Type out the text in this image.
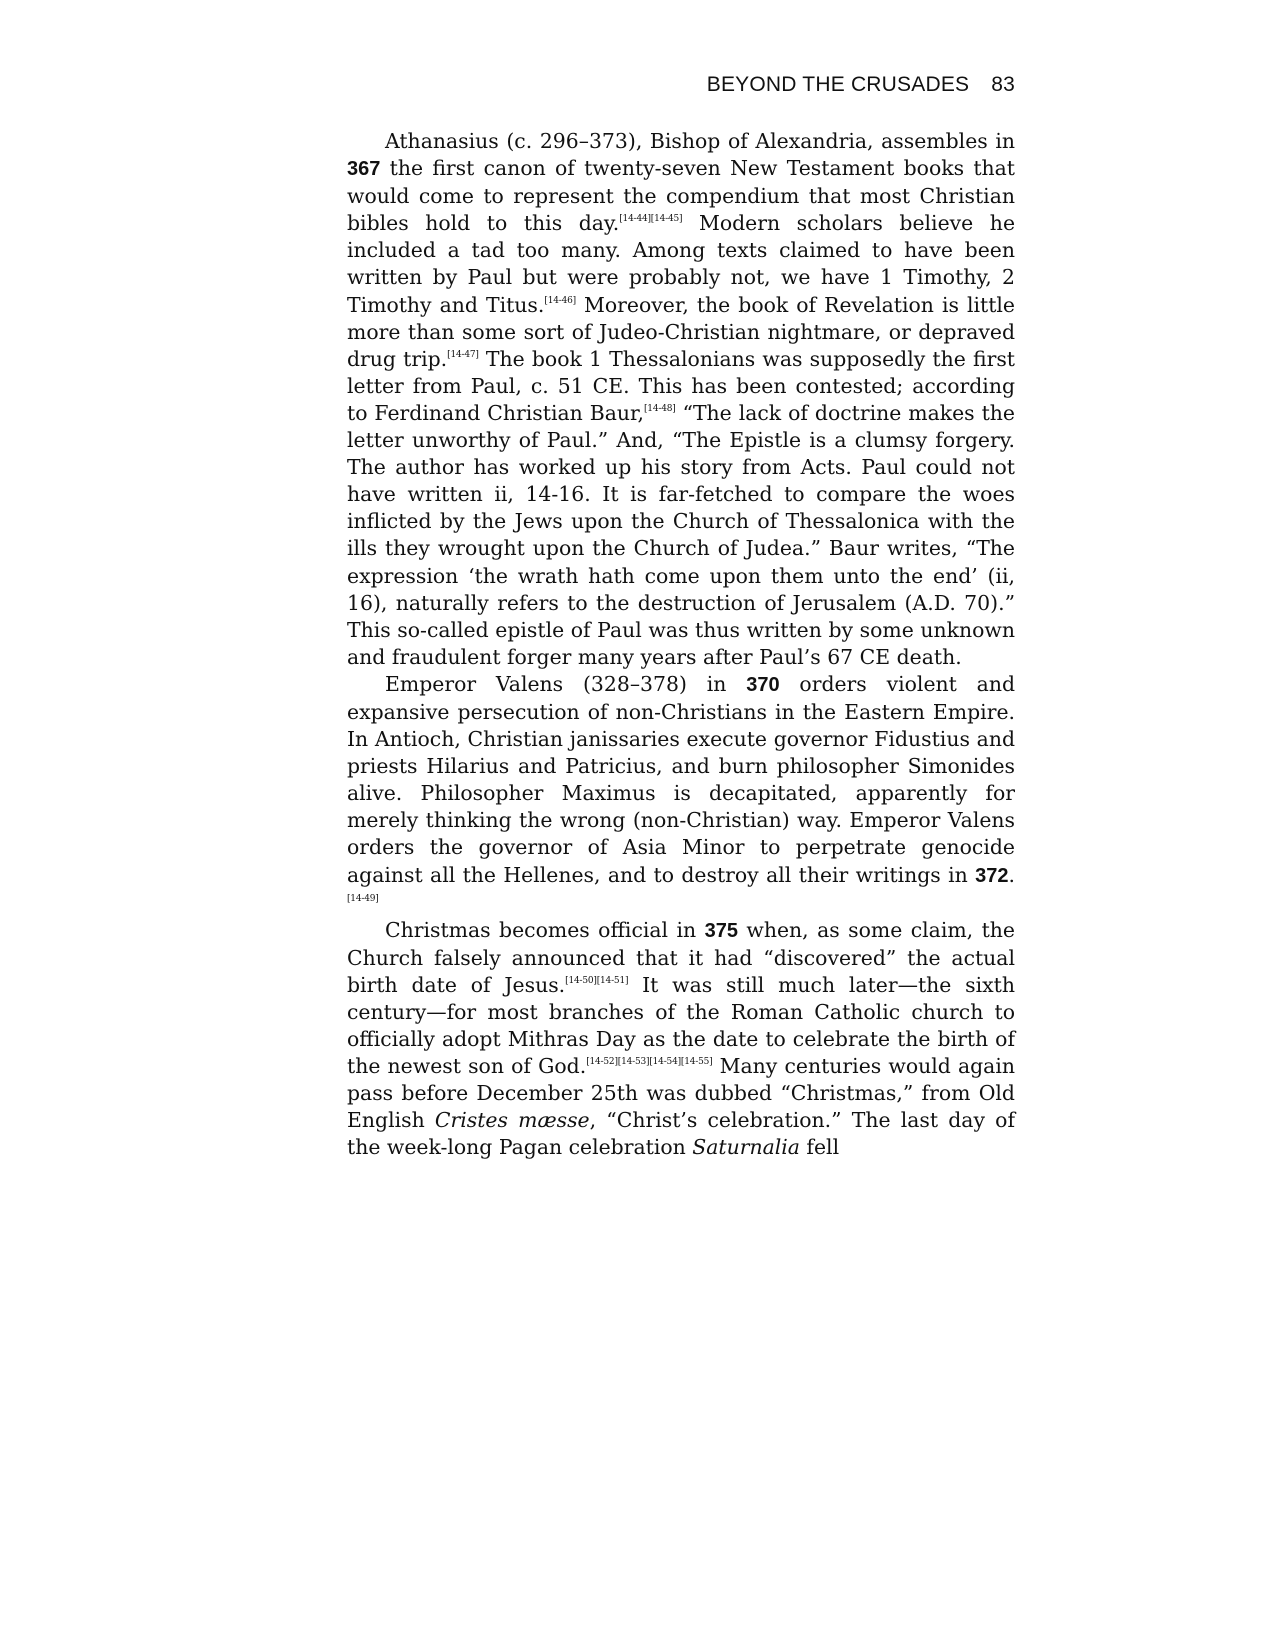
BEYOND THE CRUSADES 83

Athanasius (c. 296–373), Bishop of Alexandria, assembles in 367 the first canon of twenty-seven New Testament books that would come to represent the compendium that most Christian bibles hold to this day.[14-44][14-45] Modern scholars believe he included a tad too many. Among texts claimed to have been written by Paul but were probably not, we have 1 Timothy, 2 Timothy and Titus.[14-46] Moreover, the book of Revelation is little more than some sort of Judeo-Christian nightmare, or depraved drug trip.[14-47] The book 1 Thessalonians was supposedly the first letter from Paul, c. 51 CE. This has been contested; according to Ferdinand Christian Baur,[14-48] “The lack of doctrine makes the letter unworthy of Paul.” And, “The Epistle is a clumsy forgery. The author has worked up his story from Acts. Paul could not have written ii, 14-16. It is far-fetched to compare the woes inflicted by the Jews upon the Church of Thessalonica with the ills they wrought upon the Church of Judea.” Baur writes, “The expression ‘the wrath hath come upon them unto the end’ (ii, 16), naturally refers to the destruction of Jerusalem (A.D. 70).” This so-called epistle of Paul was thus written by some unknown and fraudulent forger many years after Paul’s 67 CE death.

Emperor Valens (328–378) in 370 orders violent and expansive persecution of non-Christians in the Eastern Empire. In Antioch, Christian janissaries execute governor Fidustius and priests Hilarius and Patricius, and burn philosopher Simonides alive. Philosopher Maximus is decapitated, apparently for merely thinking the wrong (non-Christian) way. Emperor Valens orders the governor of Asia Minor to perpetrate genocide against all the Hellenes, and to destroy all their writings in 372.[14-49]

Christmas becomes official in 375 when, as some claim, the Church falsely announced that it had “discovered” the actual birth date of Jesus.[14-50][14-51] It was still much later—the sixth century—for most branches of the Roman Catholic church to officially adopt Mithras Day as the date to celebrate the birth of the newest son of God.[14-52][14-53][14-54][14-55] Many centuries would again pass before December 25th was dubbed “Christmas,” from Old English Cristes mæsse, “Christ’s celebration.” The last day of the week-long Pagan celebration Saturnalia fell
